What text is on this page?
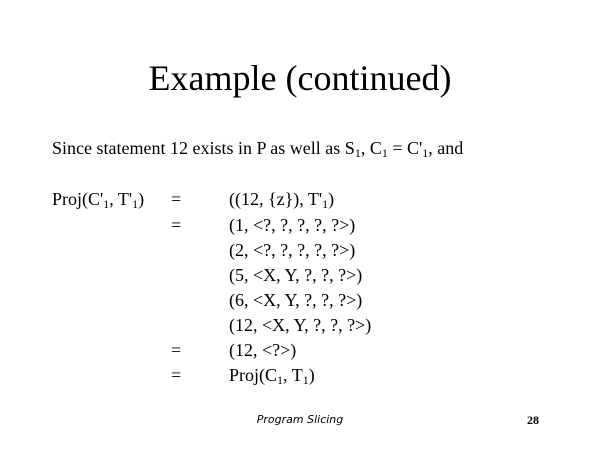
Example (continued)
Since statement 12 exists in P as well as $S_1$, $C_1 = C'_1$, and
$Proj(C'_1$, $T'_1$) =	((12, {z}), $T'_1$)
=	(1, <?, ?, ?, ?, ?>)
(2, <?, ?, ?, ?, ?>)
(5, <X, Y, ?, ?, ?>)
(6, <X, Y, ?, ?, ?>)
(12, <X, Y, ?, ?, ?>)
=	(12, <?>)
=	$Proj(C_1$, $T_1$)
Program Slicing	28
